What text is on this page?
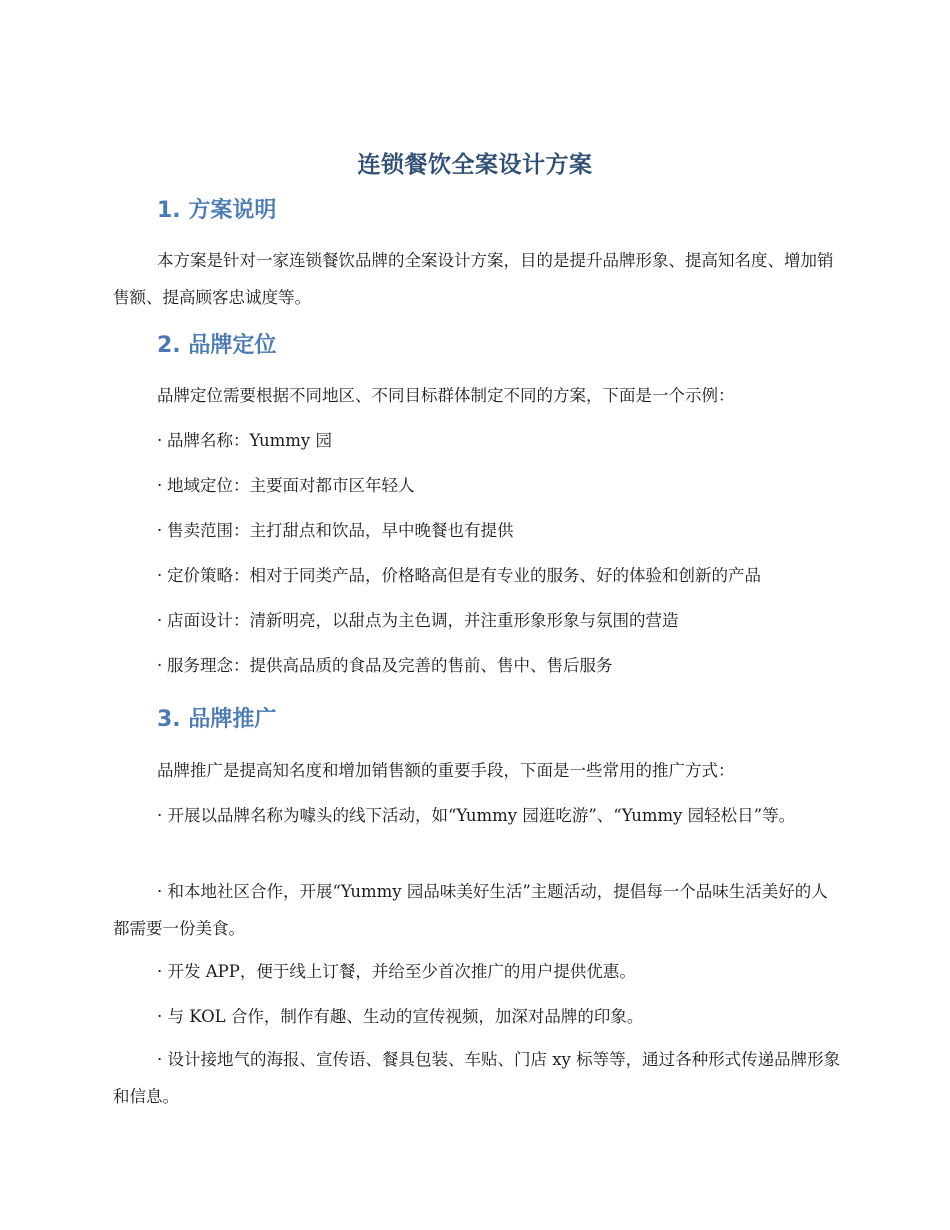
连锁餐饮全案设计方案
1. 方案说明

本方案是针对一家连锁餐饮品牌的全案设计方案，目的是提升品牌形象、提高知名度、增加销售额、提高顾客忠诚度等。

2. 品牌定位
品牌定位需要根据不同地区、不同目标群体制定不同的方案，下面是一个示例：
· 品牌名称：Yummy 园
· 地域定位：主要面对都市区年轻人
· 售卖范围：主打甜点和饮品，早中晚餐也有提供
· 定价策略：相对于同类产品，价格略高但是有专业的服务、好的体验和创新的产品
· 店面设计：清新明亮，以甜点为主色调，并注重形象形象与氛围的营造
· 服务理念：提供高品质的食品及完善的售前、售中、售后服务
3. 品牌推广
品牌推广是提高知名度和增加销售额的重要手段，下面是一些常用的推广方式：

· 开展以品牌名称为噱头的线下活动，如“Yummy 园逛吃游”、“Yummy 园轻松日”等。

· 和本地社区合作，开展“Yummy 园品味美好生活”主题活动，提倡每一个品味生活美好的人都需要一份美食。

· 开发 APP，便于线上订餐，并给至少首次推广的用户提供优惠。

· 与 KOL 合作，制作有趣、生动的宣传视频，加深对品牌的印象。

· 设计接地气的海报、宣传语、餐具包装、车贴、门店 xy 标等等，通过各种形式传递品牌形象和信息。
